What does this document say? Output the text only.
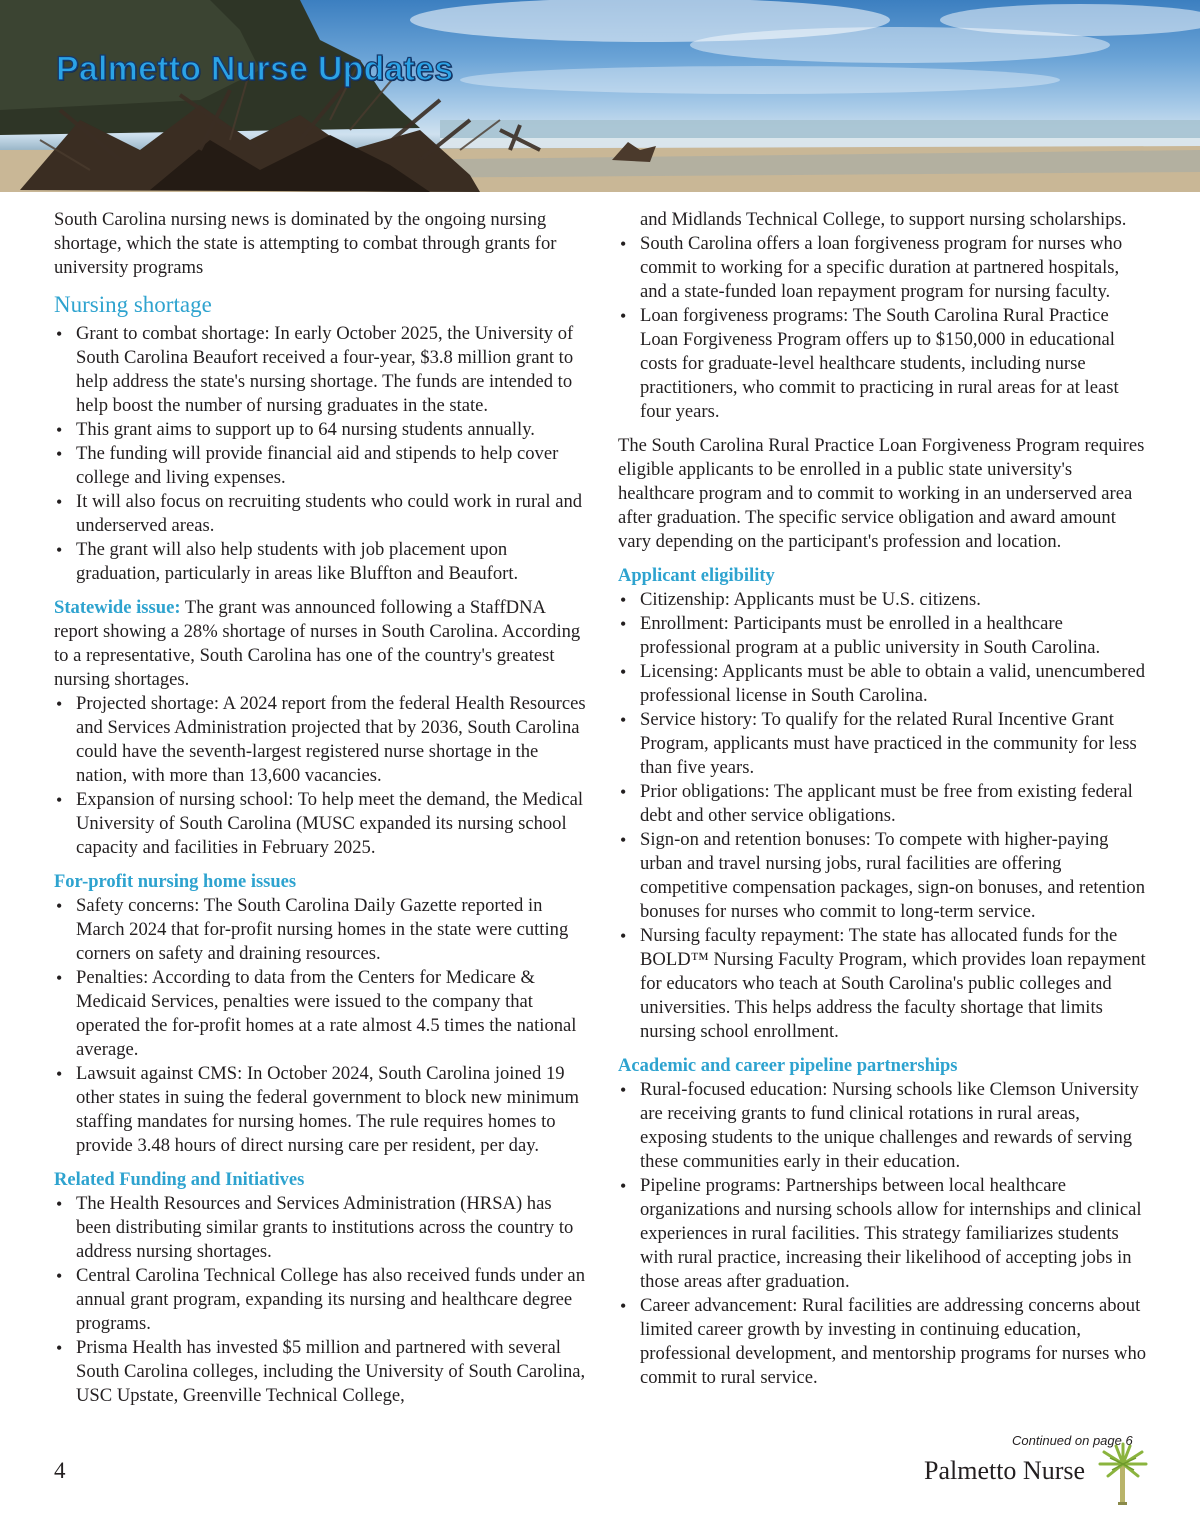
Palmetto Nurse Updates

South Carolina nursing news is dominated by the ongoing nursing shortage, which the state is attempting to combat through grants for university programs

Nursing shortage
• Grant to combat shortage: In early October 2025, the University of South Carolina Beaufort received a four-year, $3.8 million grant to help address the state's nursing shortage. The funds are intended to help boost the number of nursing graduates in the state.
• This grant aims to support up to 64 nursing students annually.
• The funding will provide financial aid and stipends to help cover college and living expenses.
• It will also focus on recruiting students who could work in rural and underserved areas.
• The grant will also help students with job placement upon graduation, particularly in areas like Bluffton and Beaufort.

Statewide issue: The grant was announced following a StaffDNA report showing a 28% shortage of nurses in South Carolina. According to a representative, South Carolina has one of the country's greatest nursing shortages.

• Projected shortage: A 2024 report from the federal Health Resources and Services Administration projected that by 2036, South Carolina could have the seventh-largest registered nurse shortage in the nation, with more than 13,600 vacancies.
• Expansion of nursing school: To help meet the demand, the Medical University of South Carolina (MUSC expanded its nursing school capacity and facilities in February 2025.
For-profit nursing home issues
• Safety concerns: The South Carolina Daily Gazette reported in March 2024 that for-profit nursing homes in the state were cutting corners on safety and draining resources.
• Penalties: According to data from the Centers for Medicare & Medicaid Services, penalties were issued to the company that operated the for-profit homes at a rate almost 4.5 times the national average.
• Lawsuit against CMS: In October 2024, South Carolina joined 19 other states in suing the federal government to block new minimum staffing mandates for nursing homes. The rule requires homes to provide 3.48 hours of direct nursing care per resident, per day.
Related Funding and Initiatives
• The Health Resources and Services Administration (HRSA) has been distributing similar grants to institutions across the country to address nursing shortages.
• Central Carolina Technical College has also received funds under an annual grant program, expanding its nursing and healthcare degree programs.
• Prisma Health has invested $5 million and partnered with several South Carolina colleges, including the University of South Carolina, USC Upstate, Greenville Technical College,
and Midlands Technical College, to support nursing scholarships.
• South Carolina offers a loan forgiveness program for nurses who commit to working for a specific duration at partnered hospitals, and a state-funded loan repayment program for nursing faculty.
• Loan forgiveness programs: The South Carolina Rural Practice Loan Forgiveness Program offers up to $150,000 in educational costs for graduate-level healthcare students, including nurse practitioners, who commit to practicing in rural areas for at least four years.

The South Carolina Rural Practice Loan Forgiveness Program requires eligible applicants to be enrolled in a public state university's healthcare program and to commit to working in an underserved area after graduation. The specific service obligation and award amount vary depending on the participant's profession and location.

Applicant eligibility
• Citizenship: Applicants must be U.S. citizens.
• Enrollment: Participants must be enrolled in a healthcare professional program at a public university in South Carolina.
• Licensing: Applicants must be able to obtain a valid, unencumbered professional license in South Carolina.
• Service history: To qualify for the related Rural Incentive Grant Program, applicants must have practiced in the community for less than five years.
• Prior obligations: The applicant must be free from existing federal debt and other service obligations.
• Sign-on and retention bonuses: To compete with higher-paying urban and travel nursing jobs, rural facilities are offering competitive compensation packages, sign-on bonuses, and retention bonuses for nurses who commit to long-term service.
• Nursing faculty repayment: The state has allocated funds for the BOLD™ Nursing Faculty Program, which provides loan repayment for educators who teach at South Carolina's public colleges and universities. This helps address the faculty shortage that limits nursing school enrollment.
Academic and career pipeline partnerships
• Rural-focused education: Nursing schools like Clemson University are receiving grants to fund clinical rotations in rural areas, exposing students to the unique challenges and rewards of serving these communities early in their education.
• Pipeline programs: Partnerships between local healthcare organizations and nursing schools allow for internships and clinical experiences in rural facilities. This strategy familiarizes students with rural practice, increasing their likelihood of accepting jobs in those areas after graduation.
• Career advancement: Rural facilities are addressing concerns about limited career growth by investing in continuing education, professional development, and mentorship programs for nurses who commit to rural service.
Continued on page 6
4	Palmetto Nurse
